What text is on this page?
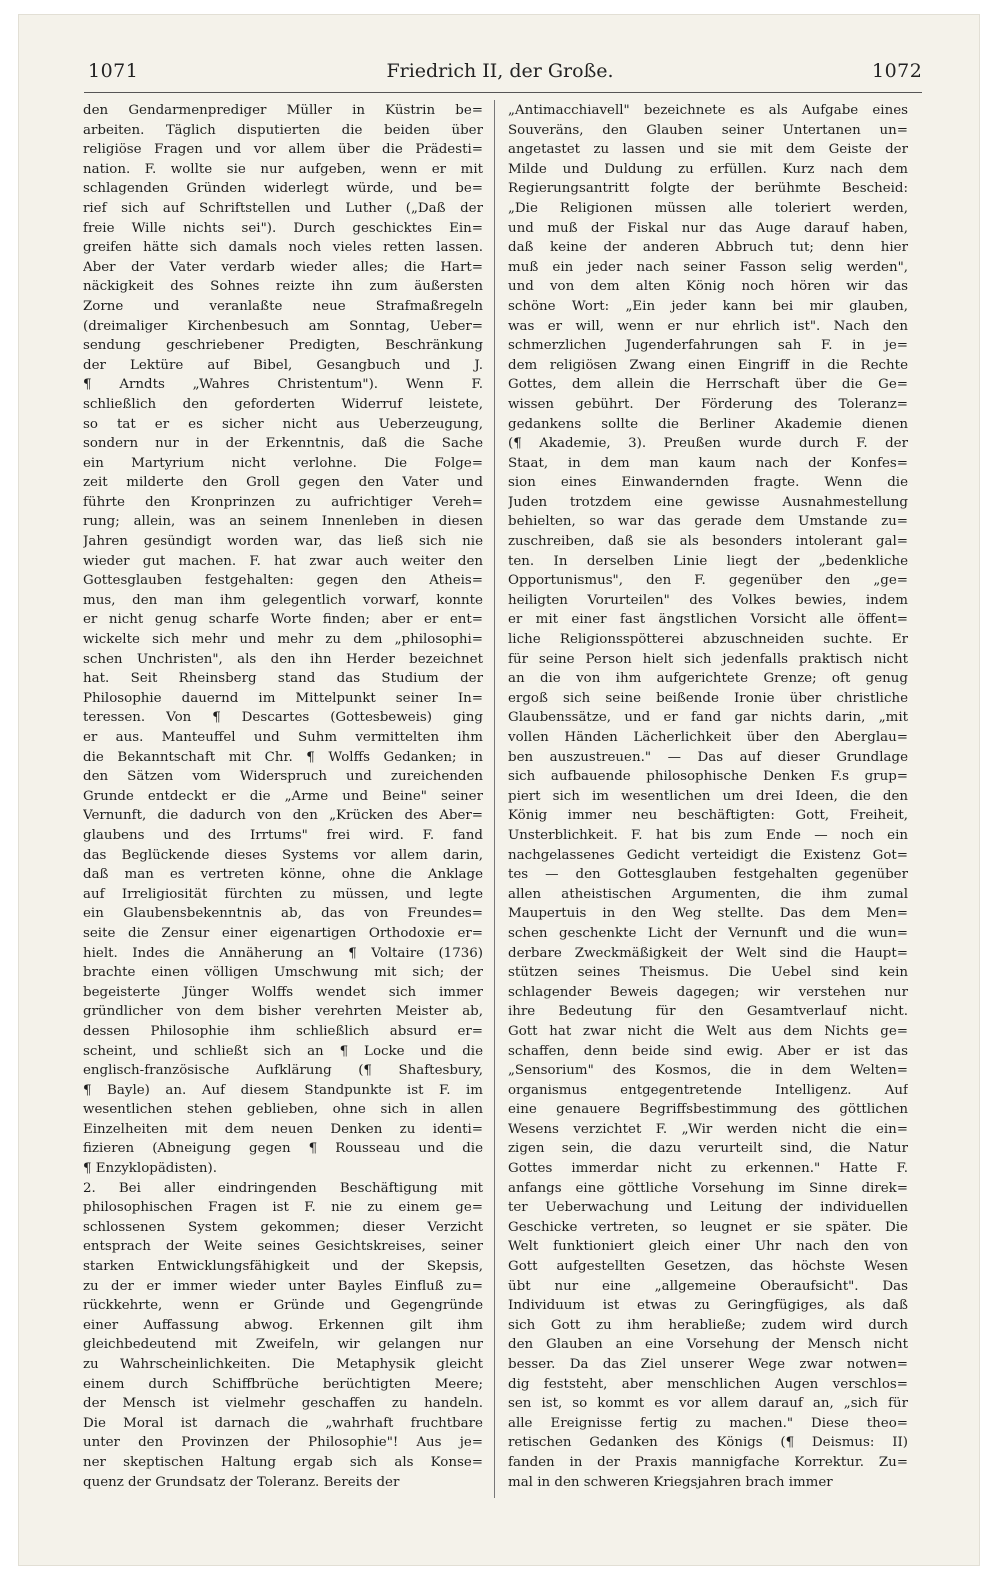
1071	Friedrich II, der Große.	1072
den Gendarmenprediger Müller in Küstrin be=
arbeiten. Täglich disputierten die beiden über
religiöse Fragen und vor allem über die Prädesti=
nation. F. wollte sie nur aufgeben, wenn er mit
schlagenden Gründen widerlegt würde, und be=
rief sich auf Schriftstellen und Luther („Daß der
freie Wille nichts sei"). Durch geschicktes Ein=
greifen hätte sich damals noch vieles retten lassen.
Aber der Vater verdarb wieder alles; die Hart=
näckigkeit des Sohnes reizte ihn zum äußersten
Zorne und veranlaßte neue Strafmaßregeln
(dreimaliger Kirchenbesuch am Sonntag, Ueber=
sendung geschriebener Predigten, Beschränkung
der Lektüre auf Bibel, Gesangbuch und J.
¶ Arndts „Wahres Christentum"). Wenn F.
schließlich den geforderten Widerruf leistete,
so tat er es sicher nicht aus Ueberzeugung,
sondern nur in der Erkenntnis, daß die Sache
ein Martyrium nicht verlohne. Die Folge=
zeit milderte den Groll gegen den Vater und
führte den Kronprinzen zu aufrichtiger Vereh=
rung; allein, was an seinem Innenleben in diesen
Jahren gesündigt worden war, das ließ sich nie
wieder gut machen. F. hat zwar auch weiter den
Gottesglauben festgehalten: gegen den Atheis=
mus, den man ihm gelegentlich vorwarf, konnte
er nicht genug scharfe Worte finden; aber er ent=
wickelte sich mehr und mehr zu dem „philosophi=
schen Unchristen", als den ihn Herder bezeichnet
hat. Seit Rheinsberg stand das Studium der
Philosophie dauernd im Mittelpunkt seiner In=
teressen. Von ¶ Descartes (Gottesbeweis) ging
er aus. Manteuffel und Suhm vermittelten ihm
die Bekanntschaft mit Chr. ¶ Wolffs Gedanken; in
den Sätzen vom Widerspruch und zureichenden
Grunde entdeckt er die „Arme und Beine" seiner
Vernunft, die dadurch von den „Krücken des Aber=
glaubens und des Irrtums" frei wird. F. fand
das Beglückende dieses Systems vor allem darin,
daß man es vertreten könne, ohne die Anklage
auf Irreligiosität fürchten zu müssen, und legte
ein Glaubensbekenntnis ab, das von Freundes=
seite die Zensur einer eigenartigen Orthodoxie er=
hielt. Indes die Annäherung an ¶ Voltaire (1736)
brachte einen völligen Umschwung mit sich; der
begeisterte Jünger Wolffs wendet sich immer
gründlicher von dem bisher verehrten Meister ab,
dessen Philosophie ihm schließlich absurd er=
scheint, und schließt sich an ¶ Locke und die
englisch-französische Aufklärung (¶ Shaftesbury,
¶ Bayle) an. Auf diesem Standpunkte ist F. im
wesentlichen stehen geblieben, ohne sich in allen
Einzelheiten mit dem neuen Denken zu identi=
fizieren (Abneigung gegen ¶ Rousseau und die
¶ Enzyklopädisten).
2. Bei aller eindringenden Beschäftigung mit
philosophischen Fragen ist F. nie zu einem ge=
schlossenen System gekommen; dieser Verzicht
entsprach der Weite seines Gesichtskreises, seiner
starken Entwicklungsfähigkeit und der Skepsis,
zu der er immer wieder unter Bayles Einfluß zu=
rückkehrte, wenn er Gründe und Gegengründe
einer Auffassung abwog. Erkennen gilt ihm
gleichbedeutend mit Zweifeln, wir gelangen nur
zu Wahrscheinlichkeiten. Die Metaphysik gleicht
einem durch Schiffbrüche berüchtigten Meere;
der Mensch ist vielmehr geschaffen zu handeln.
Die Moral ist darnach die „wahrhaft fruchtbare
unter den Provinzen der Philosophie"! Aus je=
ner skeptischen Haltung ergab sich als Konse=
quenz der Grundsatz der Toleranz. Bereits der
„Antimacchiavell" bezeichnete es als Aufgabe eines
Souveräns, den Glauben seiner Untertanen un=
angetastet zu lassen und sie mit dem Geiste der
Milde und Duldung zu erfüllen. Kurz nach dem
Regierungsantritt folgte der berühmte Bescheid:
„Die Religionen müssen alle toleriert werden,
und muß der Fiskal nur das Auge darauf haben,
daß keine der anderen Abbruch tut; denn hier
muß ein jeder nach seiner Fasson selig werden",
und von dem alten König noch hören wir das
schöne Wort: „Ein jeder kann bei mir glauben,
was er will, wenn er nur ehrlich ist". Nach den
schmerzlichen Jugenderfahrungen sah F. in je=
dem religiösen Zwang einen Eingriff in die Rechte
Gottes, dem allein die Herrschaft über die Ge=
wissen gebührt. Der Förderung des Toleranz=
gedankens sollte die Berliner Akademie dienen
(¶ Akademie, 3). Preußen wurde durch F. der
Staat, in dem man kaum nach der Konfes=
sion eines Einwandernden fragte. Wenn die
Juden trotzdem eine gewisse Ausnahmestellung
behielten, so war das gerade dem Umstande zu=
zuschreiben, daß sie als besonders intolerant gal=
ten. In derselben Linie liegt der „bedenkliche
Opportunismus", den F. gegenüber den „ge=
heiligten Vorurteilen" des Volkes bewies, indem
er mit einer fast ängstlichen Vorsicht alle öffent=
liche Religionsspötterei abzuschneiden suchte. Er
für seine Person hielt sich jedenfalls praktisch nicht
an die von ihm aufgerichtete Grenze; oft genug
ergoß sich seine beißende Ironie über christliche
Glaubenssätze, und er fand gar nichts darin, „mit
vollen Händen Lächerlichkeit über den Aberglau=
ben auszustreuen." — Das auf dieser Grundlage
sich aufbauende philosophische Denken F.s grup=
piert sich im wesentlichen um drei Ideen, die den
König immer neu beschäftigten: Gott, Freiheit,
Unsterblichkeit. F. hat bis zum Ende — noch ein
nachgelassenes Gedicht verteidigt die Existenz Got=
tes — den Gottesglauben festgehalten gegenüber
allen atheistischen Argumenten, die ihm zumal
Maupertuis in den Weg stellte. Das dem Men=
schen geschenkte Licht der Vernunft und die wun=
derbare Zweckmäßigkeit der Welt sind die Haupt=
stützen seines Theismus. Die Uebel sind kein
schlagender Beweis dagegen; wir verstehen nur
ihre Bedeutung für den Gesamtverlauf nicht.
Gott hat zwar nicht die Welt aus dem Nichts ge=
schaffen, denn beide sind ewig. Aber er ist das
„Sensorium" des Kosmos, die in dem Welten=
organismus entgegentretende Intelligenz. Auf
eine genauere Begriffsbestimmung des göttlichen
Wesens verzichtet F. „Wir werden nicht die ein=
zigen sein, die dazu verurteilt sind, die Natur
Gottes immerdar nicht zu erkennen." Hatte F.
anfangs eine göttliche Vorsehung im Sinne direk=
ter Ueberwachung und Leitung der individuellen
Geschicke vertreten, so leugnet er sie später. Die
Welt funktioniert gleich einer Uhr nach den von
Gott aufgestellten Gesetzen, das höchste Wesen
übt nur eine „allgemeine Oberaufsicht". Das
Individuum ist etwas zu Geringfügiges, als daß
sich Gott zu ihm herabließe; zudem wird durch
den Glauben an eine Vorsehung der Mensch nicht
besser. Da das Ziel unserer Wege zwar notwen=
dig feststeht, aber menschlichen Augen verschlos=
sen ist, so kommt es vor allem darauf an, „sich für
alle Ereignisse fertig zu machen." Diese theo=
retischen Gedanken des Königs (¶ Deismus: II)
fanden in der Praxis mannigfache Korrektur. Zu=
mal in den schweren Kriegsjahren brach immer
